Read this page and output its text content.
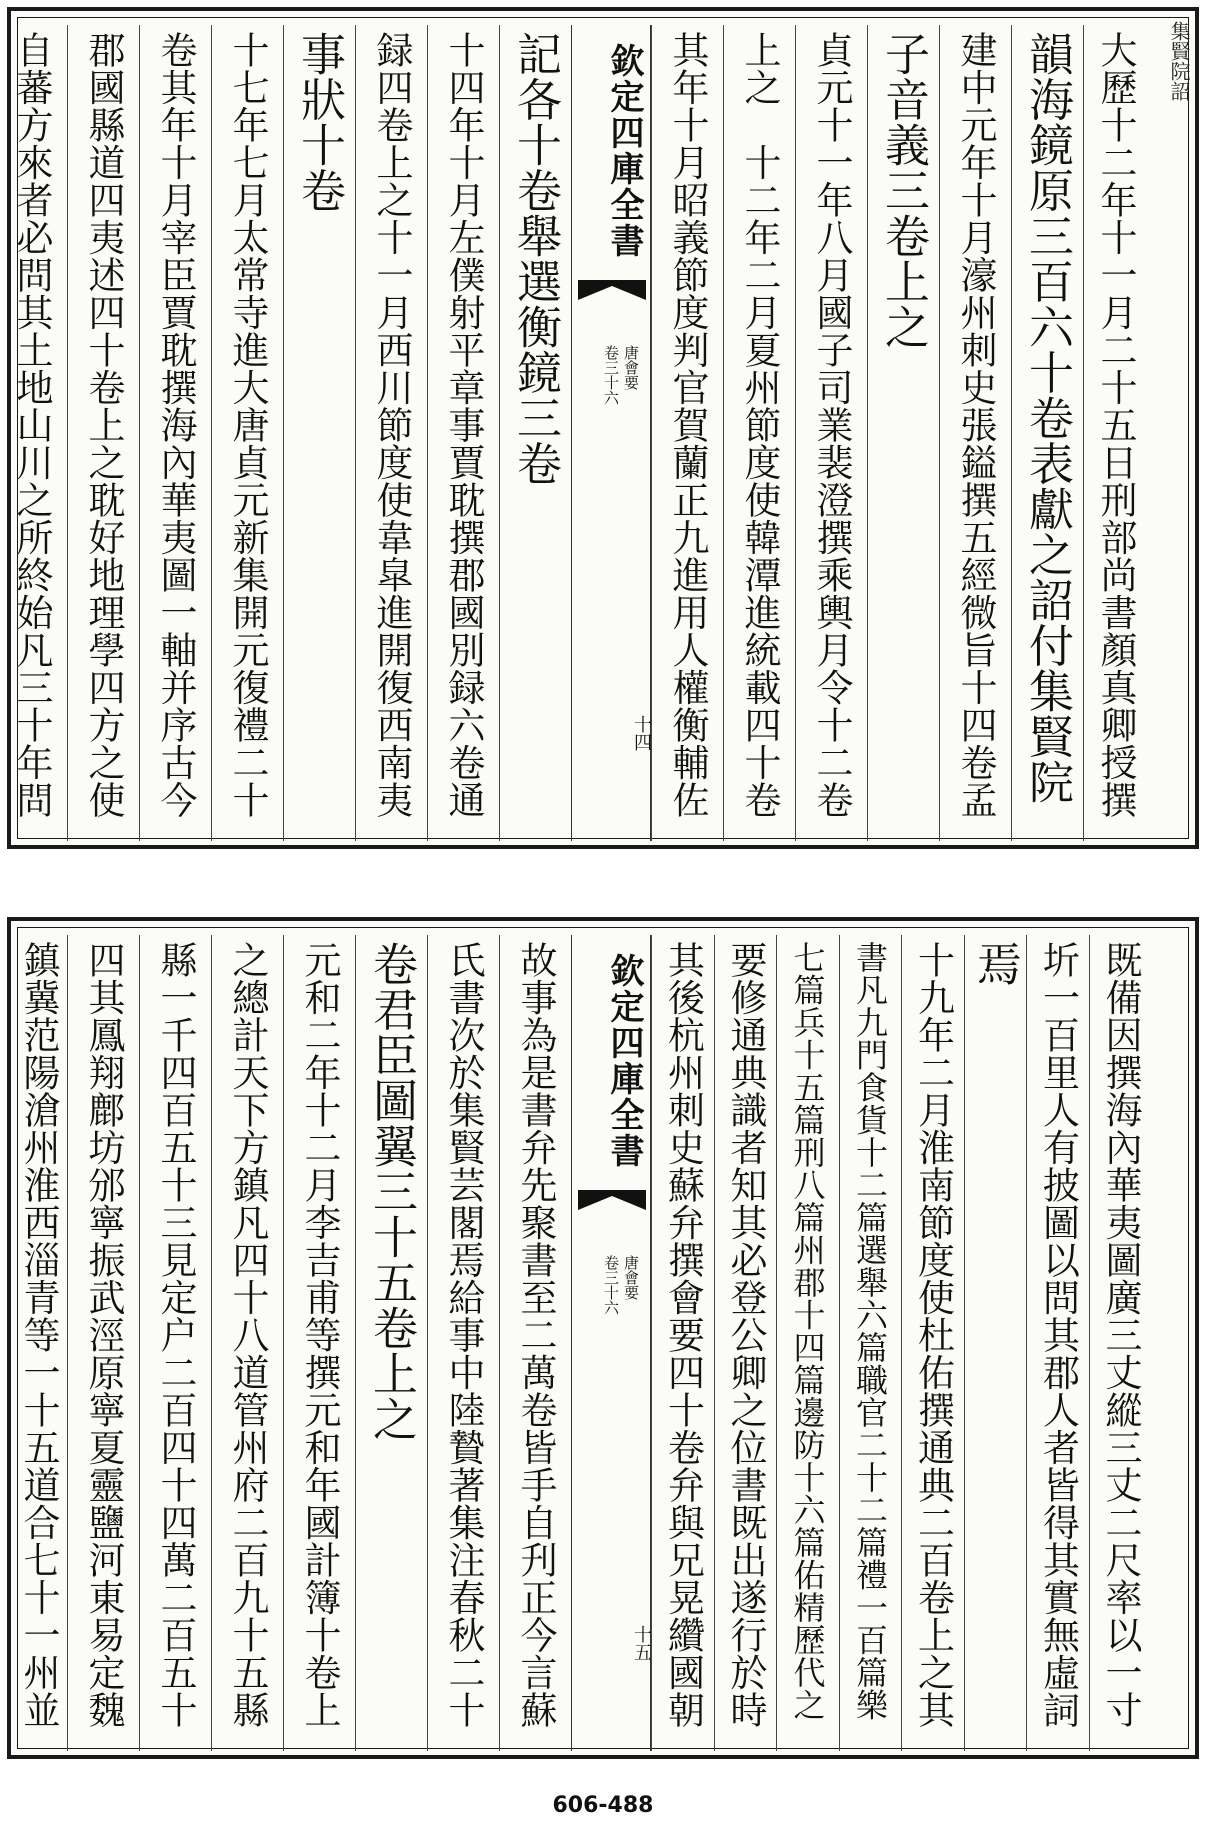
集賢院詔
大歷十二年十一月二十五日刑部尚書顏真卿授撰
韻海鏡原三百六十卷表獻之詔付集賢院
建中元年十月濠州刺史張鎰撰五經微旨十四卷孟
子音義三卷上之
貞元十一年八月國子司業裴澄撰乘輿月令十二卷
上之　十二年二月夏州節度使韓潭進統載四十卷
其年十月昭義節度判官賀蘭正九進用人權衡輔佐
欽定四庫全書
唐會要
卷三十六
十四
記各十卷舉選衡鏡三卷
十四年十月左僕射平章事賈耽撰郡國別録六卷通
録四卷上之十一月西川節度使韋皐進開復西南夷
事狀十卷
十七年七月太常寺進大唐貞元新集開元復禮二十
卷其年十月宰臣賈耽撰海內華夷圖一軸并序古今
郡國縣道四夷述四十卷上之耽好地理學四方之使
自蕃方來者必問其土地山川之所終始凡三十年問
既備因撰海內華夷圖廣三丈縱三丈二尺率以一寸
圻一百里人有披圖以問其郡人者皆得其實無虛詞
焉
十九年二月淮南節度使杜佑撰通典二百卷上之其
書凡九門食貨十二篇選舉六篇職官二十二篇禮一百篇樂
七篇兵十五篇刑八篇州郡十四篇邊防十六篇佑精歷代之
要修通典識者知其必登公卿之位書既出遂行於時
欽定四庫全書
唐會要
卷三十六
十五
故事為是書弁先聚書至二萬卷皆手自刋正今言蘇
氏書次於集賢芸閣焉給事中陸贄著集注春秋二十
卷君臣圖翼三十五卷上之
元和二年十二月李吉甫等撰元和年國計簿十卷上
之總計天下方鎮凡四十八道管州府二百九十五縣
縣一千四百五十三見定户二百四十四萬二百五十
四其鳳翔鄜坊邠寧振武涇原寧夏靈鹽河東易定魏
鎮冀范陽滄州淮西淄青等一十五道合七十一州並	其後杭州刺史蘇弁撰會要四十卷弁與兄晃纘國朝
606-488
